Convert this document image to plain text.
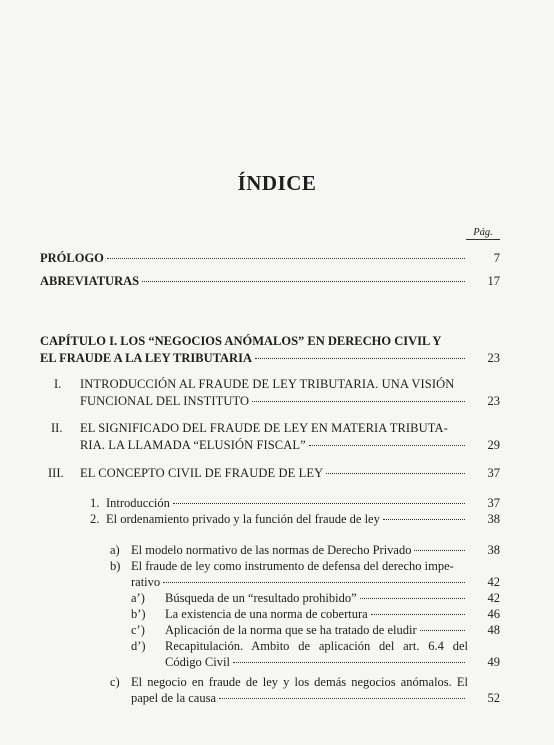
ÍNDICE
Pág.
PRÓLOGO	7
ABREVIATURAS	17
CAPÍTULO I. LOS “NEGOCIOS ANÓMALOS” EN DERECHO CIVIL Y
EL FRAUDE A LA LEY TRIBUTARIA	23
I. INTRODUCCIÓN AL FRAUDE DE LEY TRIBUTARIA. UNA VISIÓN
FUNCIONAL DEL INSTITUTO	23
II. EL SIGNIFICADO DEL FRAUDE DE LEY EN MATERIA TRIBUTA-
RIA. LA LLAMADA “ELUSIÓN FISCAL”	29
III. EL CONCEPTO CIVIL DE FRAUDE DE LEY	37
1. Introducción	37
2. El ordenamiento privado y la función del fraude de ley	38
a) El modelo normativo de las normas de Derecho Privado	38
b) El fraude de ley como instrumento de defensa del derecho impe-
rativo	42
a’) Búsqueda de un “resultado prohibido”	42
b’) La existencia de una norma de cobertura	46
c’) Aplicación de la norma que se ha tratado de eludir	48
d’) Recapitulación. Ambito de aplicación del art. 6.4 del
Código Civil	49
c) El negocio en fraude de ley y los demás negocios anómalos. El
papel de la causa	52
